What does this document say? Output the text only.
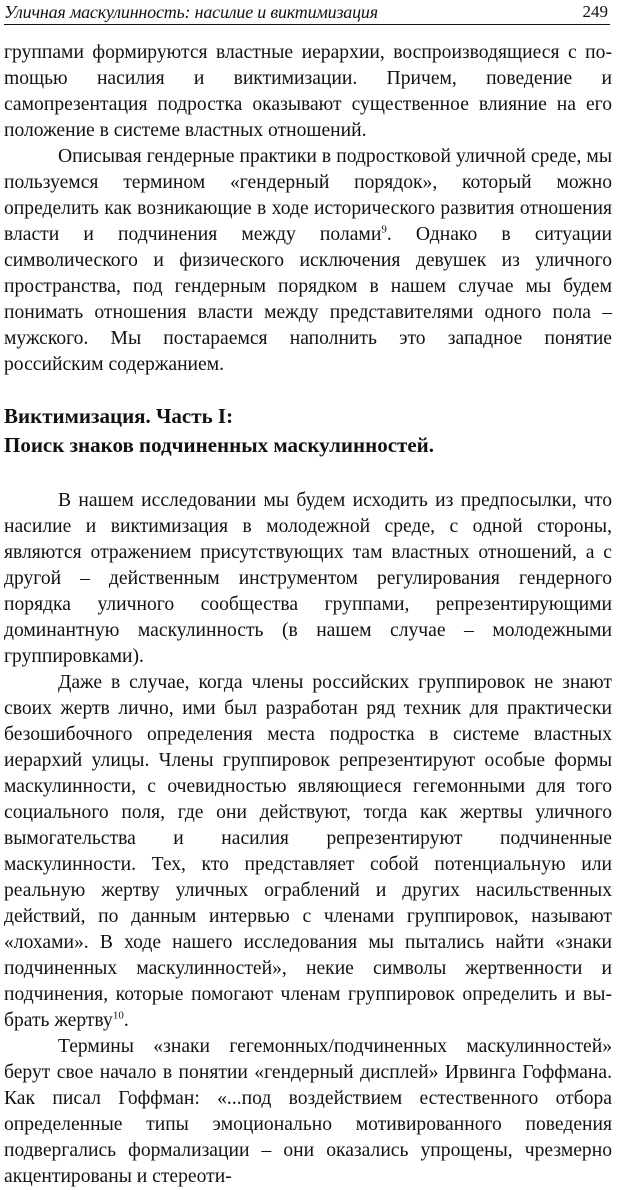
Уличная маскулинность: насилие и виктимизация	249

группами формируются властные иерархии, воспроизводящиеся с поmощью насилия и виктимизации. Причем, поведение и самопрезентация подростка оказывают существенное влияние на его положение в системе властных отношений.

Описывая гендерные практики в подростковой уличной среде, мы пользуемся термином «гендерный порядок», который можно определить как возникающие в ходе исторического развития отношения власти и подчинения между полами$^9$. Однако в ситуации символического и физического исключения девушек из уличного пространства, под гендерным порядком в нашем случае мы будем понимать отношения власти между представителями одного пола – мужского. Мы постараемся наполнить это западное понятие российским содержанием.

Виктимизация. Часть I:
Поиск знаков подчиненных маскулинностей.

В нашем исследовании мы будем исходить из предпосылки, что насилие и виктимизация в молодежной среде, с одной стороны, являются отражением присутствующих там властных отношений, а с другой – действенным инструментом регулирования гендерного порядка уличного сообщества группами, репрезентирующими доминантную маскулинность (в нашем случае – молодежными группировками).

Даже в случае, когда члены российских группировок не знают своих жертв лично, ими был разработан ряд техник для практически безошибочного определения места подростка в системе властных иерархий улицы. Члены группировок репрезентируют особые формы маскулинности, с очевидностью являющиеся гегемонными для того социального поля, где они действуют, тогда как жертвы уличного вымогательства и насилия репрезентируют подчиненные маскулинности. Тех, кто представляет собой потенциальную или реальную жертву уличных ограблений и других насильственных действий, по данным интервью с членами группировок, называют «лохами». В ходе нашего исследования мы пытались найти «знаки подчиненных маскулинностей», некие символы жертвенности и подчинения, которые помогают членам группировок определить и выбрать жертву$^{10}$.

Термины «знаки гегемонных/подчиненных маскулинностей» берут свое начало в понятии «гендерный дисплей» Ирвинга Гоффмана. Как писал Гоффман: «...под воздействием естественного отбора определенные типы эмоционально мотивированного поведения подвергались формализации – они оказались упрощены, чрезмерно акцентированы и стереоти-
